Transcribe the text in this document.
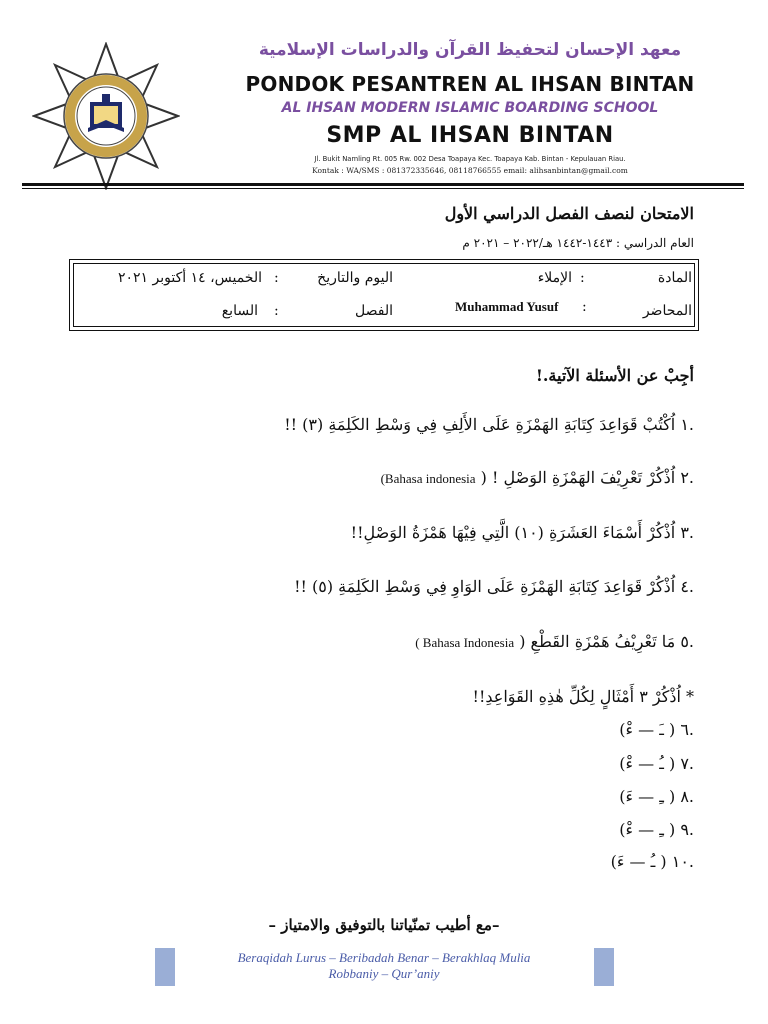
معهد الإحسان لتحفيظ القرآن والدراسات الإسلامية
PONDOK PESANTREN AL IHSAN BINTAN
AL IHSAN MODERN ISLAMIC BOARDING SCHOOL
SMP AL IHSAN BINTAN
Jl. Bukit Namling Rt. 005 Rw. 002 Desa Toapaya Kec. Toapaya Kab. Bintan - Kepulauan Riau.
Kontak : WA/SMS : 081372335646, 08118766555 email: alihsanbintan@gmail.com
الامتحان لنصف الفصل الدراسي الأول
العام الدراسي : ١٤٤٣-١٤٤٢ هـ/٢٠٢٢ – ٢٠٢١ م
المادة
:
الإملاء
اليوم والتاريخ
:
الخميس، ١٤ أكتوبر ٢٠٢١
المحاضر
:
Muhammad Yusuf
الفصل
:
السابع
أجِبْ عن الأسئلة الآتية.!
.١ اُكْتُبْ قَوَاعِدَ كِتَابَةِ الهَمْزَةِ عَلَى الأَلِفِ فِي وَسْطِ الكَلِمَةِ (٣) !!
.٢ اُذْكُرْ تَعْرِيْفَ الهَمْزَةِ الوَصْلِ ! ( Bahasa indonesia)
.٣ اُذْكُرْ أَسْمَاءَ العَشَرَةِ (١٠) الَّتِي فِيْهَا هَمْزَةُ الوَصْلِ!!
.٤ اُذْكُرْ قَوَاعِدَ كِتَابَةِ الهَمْزَةِ عَلَى الوَاوِ فِي وَسْطِ الكَلِمَةِ (٥) !!
.٥ مَا تَعْرِيْفُ هَمْزَةِ القَطْعِ ( Bahasa Indonesia )
* اُذْكُرْ ٣ أَمْثَالٍ لِكُلِّ هٰذِهِ القَوَاعِدِ!!
.٦ ( ـَ — ءْ)
.٧ ( ـُ — ءْ)
.٨ ( ـِ — ءَ)
.٩ ( ـِ — ءْ)
.١٠ ( ـُ — ءَ)
–مع أطيب تمنّياتنا بالتوفيق والامتياز –
Beraqidah Lurus – Beribadah Benar – Berakhlaq Mulia
Robbaniy – Qur’aniy
